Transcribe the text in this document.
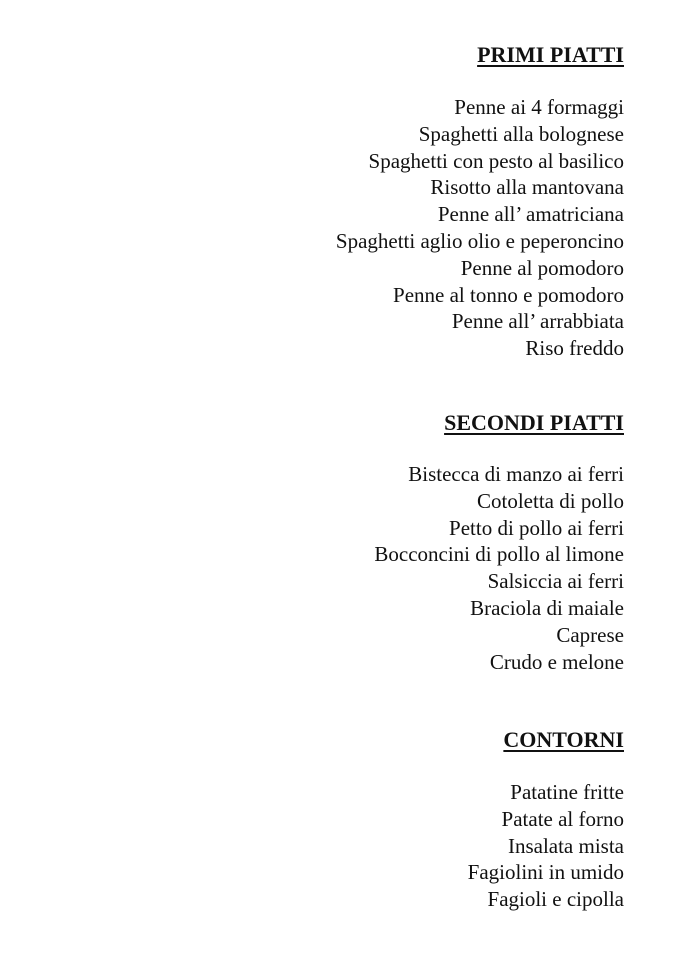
PRIMI PIATTI
Penne ai 4 formaggi
Spaghetti alla bolognese
Spaghetti con pesto al basilico
Risotto alla mantovana
Penne all’ amatriciana
Spaghetti aglio olio e peperoncino
Penne al pomodoro
Penne al tonno e pomodoro
Penne all’ arrabbiata
Riso freddo
SECONDI PIATTI
Bistecca di manzo ai ferri
Cotoletta di pollo
Petto di pollo ai ferri
Bocconcini di pollo al limone
Salsiccia ai ferri
Braciola di maiale
Caprese
Crudo e melone
CONTORNI
Patatine fritte
Patate al forno
Insalata mista
Fagiolini in umido
Fagioli e cipolla
